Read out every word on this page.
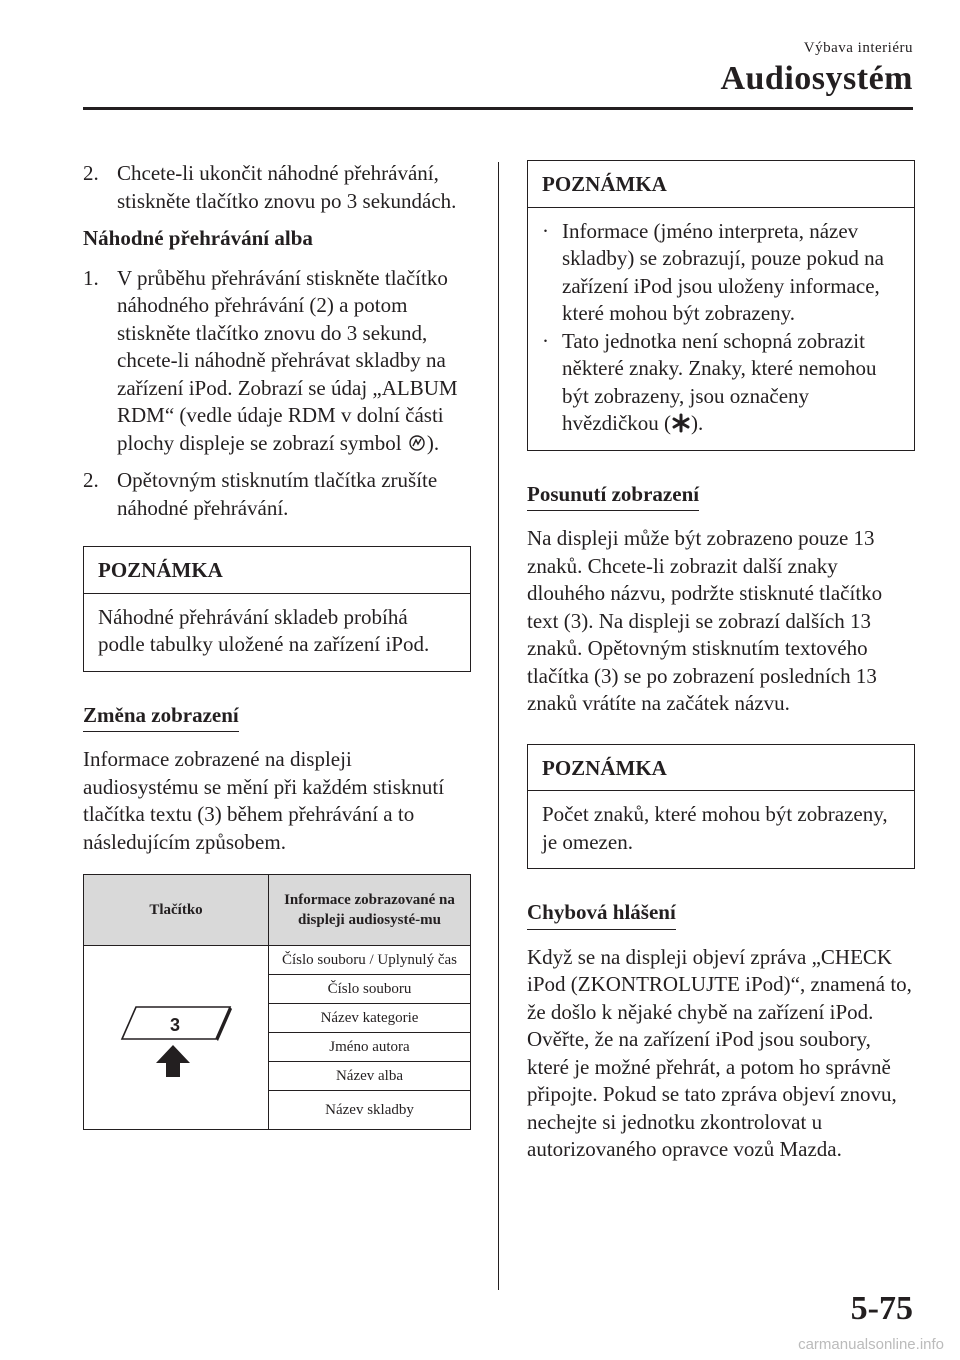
Výbava interiéru
Audiosystém
2. Chcete-li ukončit náhodné přehrávání, stiskněte tlačítko znovu po 3 sekundách.
Náhodné přehrávání alba
1. V průběhu přehrávání stiskněte tlačítko náhodného přehrávání (2) a potom stiskněte tlačítko znovu do 3 sekund, chcete-li náhodně přehrávat skladby na zařízení iPod. Zobrazí se údaj „ALBUM RDM“ (vedle údaje RDM v dolní části plochy displeje se zobrazí symbol ).
2. Opětovným stisknutím tlačítka zrušíte náhodné přehrávání.
POZNÁMKA
Náhodné přehrávání skladeb probíhá podle tabulky uložené na zařízení iPod.
Změna zobrazení

Informace zobrazené na displeji audiosystému se mění při každém stisknutí tlačítka textu (3) během přehrávání a to následujícím způsobem.

Tlačítko	Informace zobrazované na displeji audiosysté-mu

3	Číslo souboru / Uplynulý čas
	Číslo souboru
	Název kategorie
	Jméno autora
	Název alba
	Název skladby
POZNÁMKA
· Informace (jméno interpreta, název skladby) se zobrazují, pouze pokud na zařízení iPod jsou uloženy informace, které mohou být zobrazeny.
· Tato jednotka není schopná zobrazit některé znaky. Znaky, které nemohou být zobrazeny, jsou označeny hvězdičkou ( ).
Posunutí zobrazení

Na displeji může být zobrazeno pouze 13 znaků. Chcete-li zobrazit další znaky dlouhého názvu, podržte stisknuté tlačítko text (3). Na displeji se zobrazí dalších 13 znaků. Opětovným stisknutím textového tlačítka (3) se po zobrazení posledních 13 znaků vrátíte na začátek názvu.

POZNÁMKA
Počet znaků, které mohou být zobrazeny, je omezen.
Chybová hlášení

Když se na displeji objeví zpráva „CHECK iPod (ZKONTROLUJTE iPod)“, znamená to, že došlo k nějaké chybě na zařízení iPod. Ověřte, že na zařízení iPod jsou soubory, které je možné přehrát, a potom ho správně připojte. Pokud se tato zpráva objeví znovu, nechejte si jednotku zkontrolovat u autorizovaného opravce vozů Mazda.

5-75
carmanualsonline.info
